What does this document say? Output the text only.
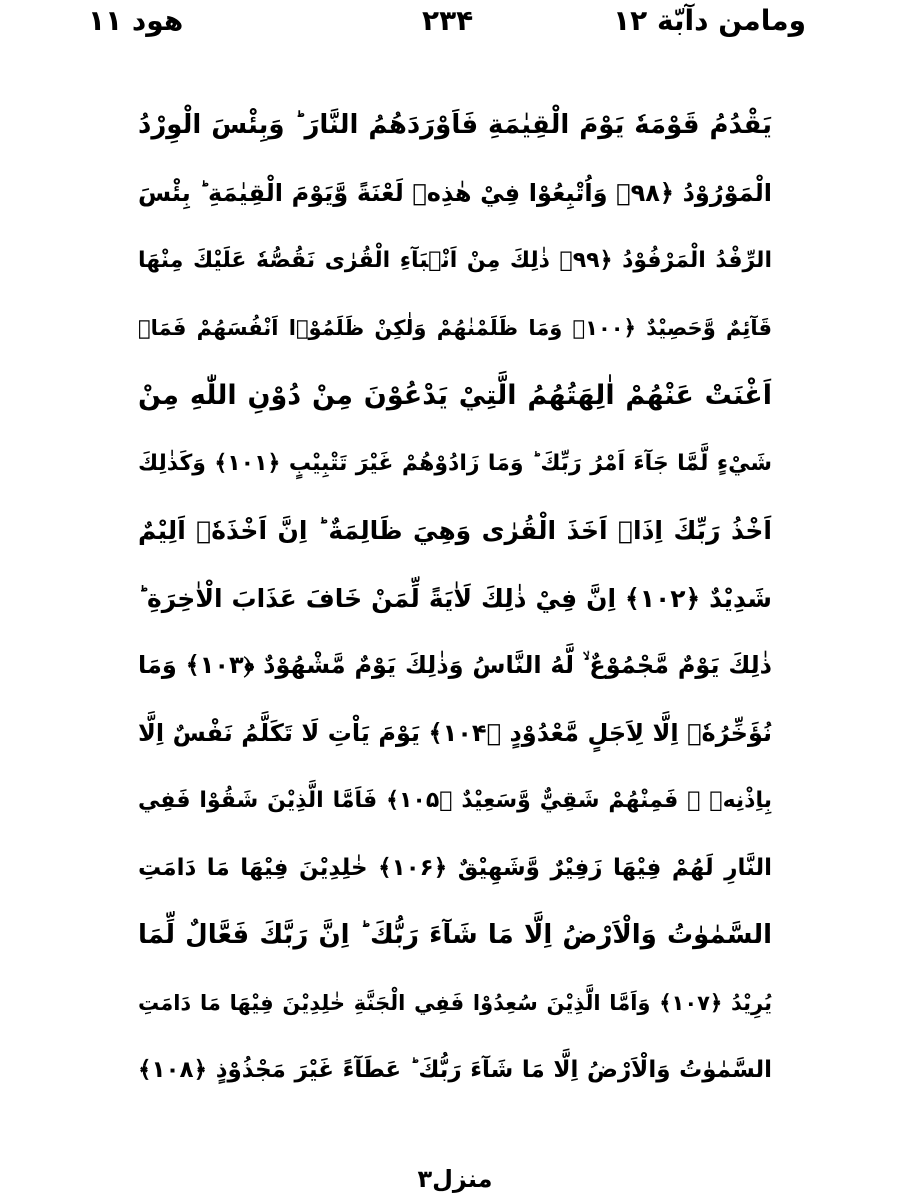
هود ۱۱	۲۳۴	ومامن دآبّة ۱۲
يَقْدُمُ قَوْمَهٗ يَوْمَ الْقِيٰمَةِ فَاَوْرَدَهُمُ النَّارَ ؕ وَبِئْسَ الْوِرْدُ
الْمَوْرُوْدُ ﴿۹۸﴾ وَاُتْبِعُوْا فِيْ هٰذِهٖ لَعْنَةً وَّيَوْمَ الْقِيٰمَةِ ؕ بِئْسَ
الرِّفْدُ الْمَرْفُوْدُ ﴿۹۹﴾ ذٰلِكَ مِنْ اَنْۢبَآءِ الْقُرٰى نَقُصُّهٗ عَلَيْكَ مِنْهَا
قَآئِمٌ وَّحَصِيْدٌ ﴿۱۰۰﴾ وَمَا ظَلَمْنٰهُمْ وَلٰكِنْ ظَلَمُوْۤا اَنْفُسَهُمْ فَمَاۤ
اَغْنَتْ عَنْهُمْ اٰلِهَتُهُمُ الَّتِيْ يَدْعُوْنَ مِنْ دُوْنِ اللّٰهِ مِنْ
شَيْءٍ لَّمَّا جَآءَ اَمْرُ رَبِّكَ ؕ وَمَا زَادُوْهُمْ غَيْرَ تَتْبِيْبٍ ﴿۱۰۱﴾ وَكَذٰلِكَ
اَخْذُ رَبِّكَ اِذَاۤ اَخَذَ الْقُرٰى وَهِيَ ظَالِمَةٌ ؕ اِنَّ اَخْذَهٗۤ اَلِيْمٌ
شَدِيْدٌ ﴿۱۰۲﴾ اِنَّ فِيْ ذٰلِكَ لَاٰيَةً لِّمَنْ خَافَ عَذَابَ الْاٰخِرَةِ ؕ
ذٰلِكَ يَوْمٌ مَّجْمُوْعٌ ۙ لَّهُ النَّاسُ وَذٰلِكَ يَوْمٌ مَّشْهُوْدٌ ﴿۱۰۳﴾ وَمَا
نُؤَخِّرُهٗۤ اِلَّا لِاَجَلٍ مَّعْدُوْدٍ ﴿۱۰۴﴾ يَوْمَ يَاْتِ لَا تَكَلَّمُ نَفْسٌ اِلَّا
بِاِذْنِهٖ ۚ فَمِنْهُمْ شَقِيٌّ وَّسَعِيْدٌ ﴿۱۰۵﴾ فَاَمَّا الَّذِيْنَ شَقُوْا فَفِي
النَّارِ لَهُمْ فِيْهَا زَفِيْرٌ وَّشَهِيْقٌ ﴿۱۰۶﴾ خٰلِدِيْنَ فِيْهَا مَا دَامَتِ
السَّمٰوٰتُ وَالْاَرْضُ اِلَّا مَا شَآءَ رَبُّكَ ؕ اِنَّ رَبَّكَ فَعَّالٌ لِّمَا
يُرِيْدُ ﴿۱۰۷﴾ وَاَمَّا الَّذِيْنَ سُعِدُوْا فَفِي الْجَنَّةِ خٰلِدِيْنَ فِيْهَا مَا دَامَتِ
السَّمٰوٰتُ وَالْاَرْضُ اِلَّا مَا شَآءَ رَبُّكَ ؕ عَطَآءً غَيْرَ مَجْذُوْذٍ ﴿۱۰۸﴾
منزل۳
